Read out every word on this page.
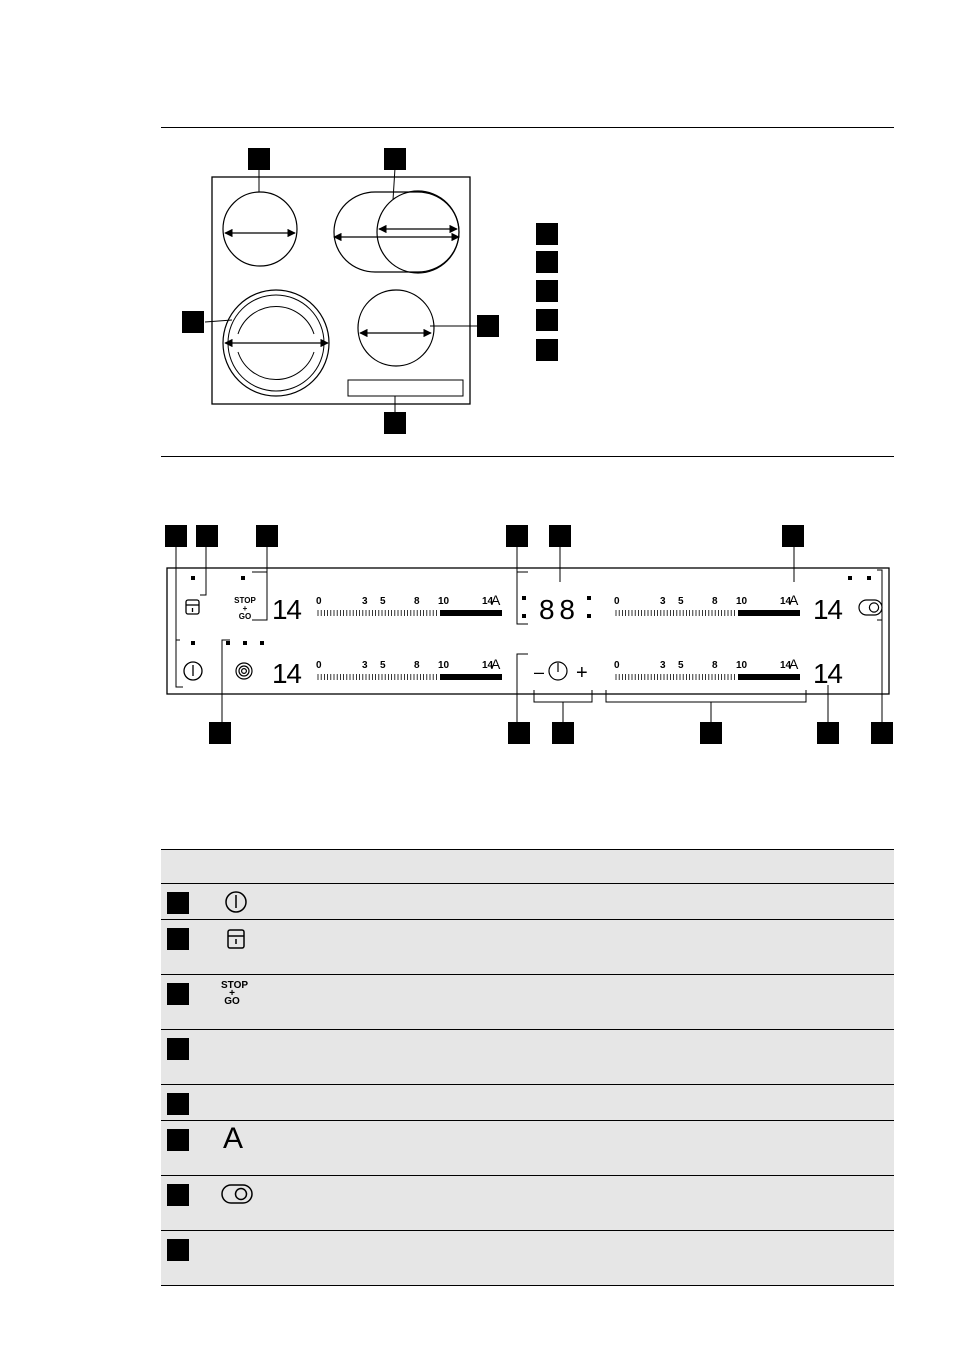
STOP
+
GO 14
14
14
14
88
0	3 5	8 10	14
A
0	3 5	8 10	14
A
0	3 5	8 10	14
A
0	3 5	8 10	14
A
– +

	STOP
+
GO	

	A	
